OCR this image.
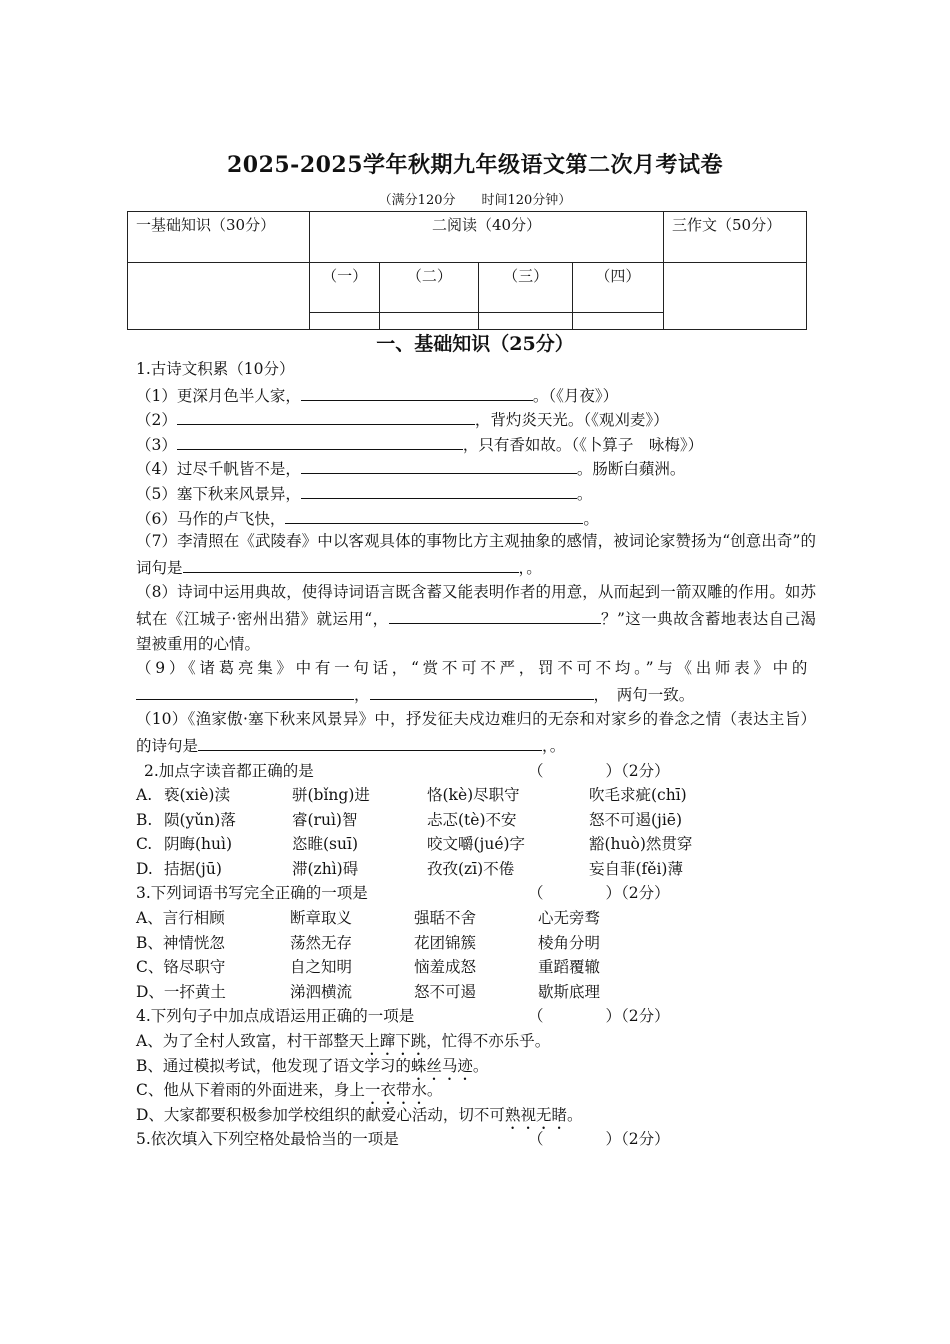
2025-2025学年秋期九年级语文第二次月考试卷
（满分120分　　时间120分钟）
一基础知识（30分）	二阅读（40分）				三作文（50分）
	（一）	（二）	（三）	（四）	

一、基础知识（25分）
1.古诗文积累（10分）
（1）更深月色半人家，	。（《月夜》）
（2）	，背灼炎天光。（《观刈麦》）
（3）	，只有香如故。（《卜算子　咏梅》）
（4）过尽千帆皆不是，	。肠断白蘋洲。
（5）塞下秋来风景异，	。
（6）马作的卢飞快，	。
（7）李清照在《武陵春》中以客观具体的事物比方主观抽象的感情，被词论家赞扬为“创意出奇”的词句是	，。
（8）诗词中运用典故，使得诗词语言既含蓄又能表明作者的用意，从而起到一箭双雕的作用。如苏轼在《江城子·密州出猎》就运用“，	？”这一典故含蓄地表达自己渴望被重用的心情。
（9）《诸葛亮集》中有一句话，“赏不可不严，罚不可不均。”与《出师表》中的 ，	，　两句一致。
（10）《渔家傲·塞下秋来风景异》中，抒发征夫戍边难归的无奈和对家乡的眷念之情（表达主旨）的诗句是	，。
2.加点字读音都正确的是	（　　　　）（2分）
A. 亵(xiè)渎	骈(bǐng)进	恪(kè)尽职守	吹毛求疵(chī)
B. 陨(yǔn)落	睿(ruì)智	忐忑(tè)不安	怒不可遏(jiē)
C. 阴晦(huì)	恣睢(suī)	咬文嚼(jué)字	豁(huò)然贯穿
D. 拮据(jū)	滞(zhì)碍	孜孜(zī)不倦	妄自菲(fěi)薄
3.下列词语书写完全正确的一项是	（　　　　）（2分）
A、言行相顾	断章取义	强聒不舍	心无旁骛
B、神情恍忽	荡然无存	花团锦簇	棱角分明
C、铬尽职守	自之知明	恼羞成怒	重蹈覆辙
D、一抔黄土	涕泗横流	怒不可遏	歇斯底理
4.下列句子中加点成语运用正确的一项是	（　　　　）（2分）
A、为了全村人致富，村干部整天上蹿下跳，忙得不亦乐乎。
B、通过模拟考试，他发现了语文学习的蛛丝马迹。
C、他从下着雨的外面进来，身上一衣带水。
D、大家都要积极参加学校组织的献爱心活动，切不可熟视无睹。
5.依次填入下列空格处最恰当的一项是	（　　　　）（2分）
